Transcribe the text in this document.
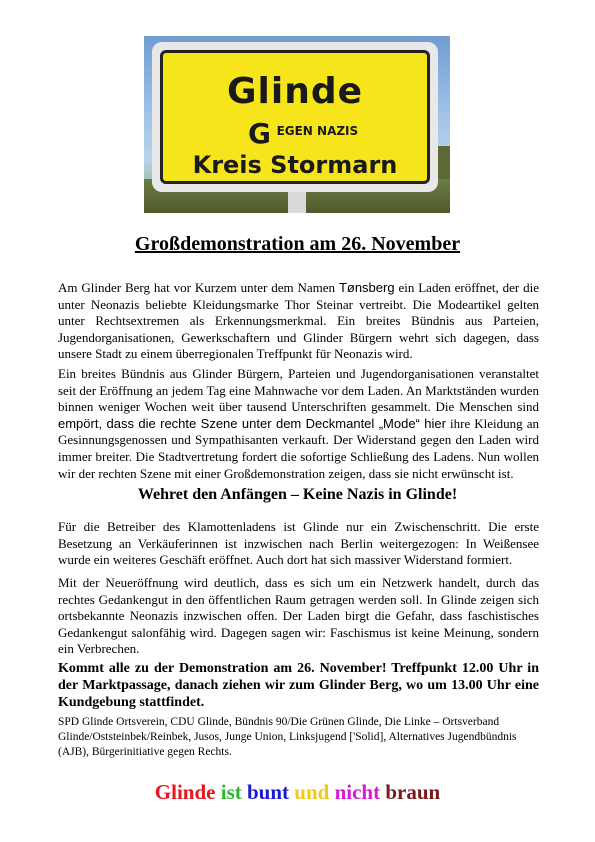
Glinde
G $^{EGEN NAZIS}$
Kreis Stormarn
Großdemonstration am 26. November

Am Glinder Berg hat vor Kurzem unter dem Namen Tønsberg ein Laden eröffnet, der die unter Neonazis beliebte Kleidungsmarke Thor Steinar vertreibt. Die Modeartikel gelten unter Rechtsextremen als Erkennungsmerkmal. Ein breites Bündnis aus Parteien, Jugendorganisationen, Gewerkschaftern und Glinder Bürgern wehrt sich dagegen, dass unsere Stadt zu einem überregionalen Treffpunkt für Neonazis wird.

Ein breites Bündnis aus Glinder Bürgern, Parteien und Jugendorganisationen veranstaltet seit der Eröffnung an jedem Tag eine Mahnwache vor dem Laden. An Marktständen wurden binnen weniger Wochen weit über tausend Unterschriften gesammelt. Die Menschen sind empört, dass die rechte Szene unter dem Deckmantel „Mode“ hier ihre Kleidung an Gesinnungsgenossen und Sympathisanten verkauft. Der Widerstand gegen den Laden wird immer breiter. Die Stadtvertretung fordert die sofortige Schließung des Ladens. Nun wollen wir der rechten Szene mit einer Großdemonstration zeigen, dass sie nicht erwünscht ist.

Wehret den Anfängen – Keine Nazis in Glinde!

Für die Betreiber des Klamottenladens ist Glinde nur ein Zwischenschritt. Die erste Besetzung an Verkäuferinnen ist inzwischen nach Berlin weitergezogen: In Weißensee wurde ein weiteres Geschäft eröffnet. Auch dort hat sich massiver Widerstand formiert.

Mit der Neueröffnung wird deutlich, dass es sich um ein Netzwerk handelt, durch das rechtes Gedankengut in den öffentlichen Raum getragen werden soll. In Glinde zeigen sich ortsbekannte Neonazis inzwischen offen. Der Laden birgt die Gefahr, dass faschistisches Gedankengut salonfähig wird. Dagegen sagen wir: Faschismus ist keine Meinung, sondern ein Verbrechen.

Kommt alle zu der Demonstration am 26. November! Treffpunkt 12.00 Uhr in der Marktpassage, danach ziehen wir zum Glinder Berg, wo um 13.00 Uhr eine Kundgebung stattfindet.

SPD Glinde Ortsverein, CDU Glinde, Bündnis 90/Die Grünen Glinde, Die Linke – Ortsverband Glinde/Oststeinbek/Reinbek, Jusos, Junge Union, Linksjugend ['Solid], Alternatives Jugendbündnis (AJB), Bürgerinitiative gegen Rechts.

Glinde ist bunt und nicht braun
